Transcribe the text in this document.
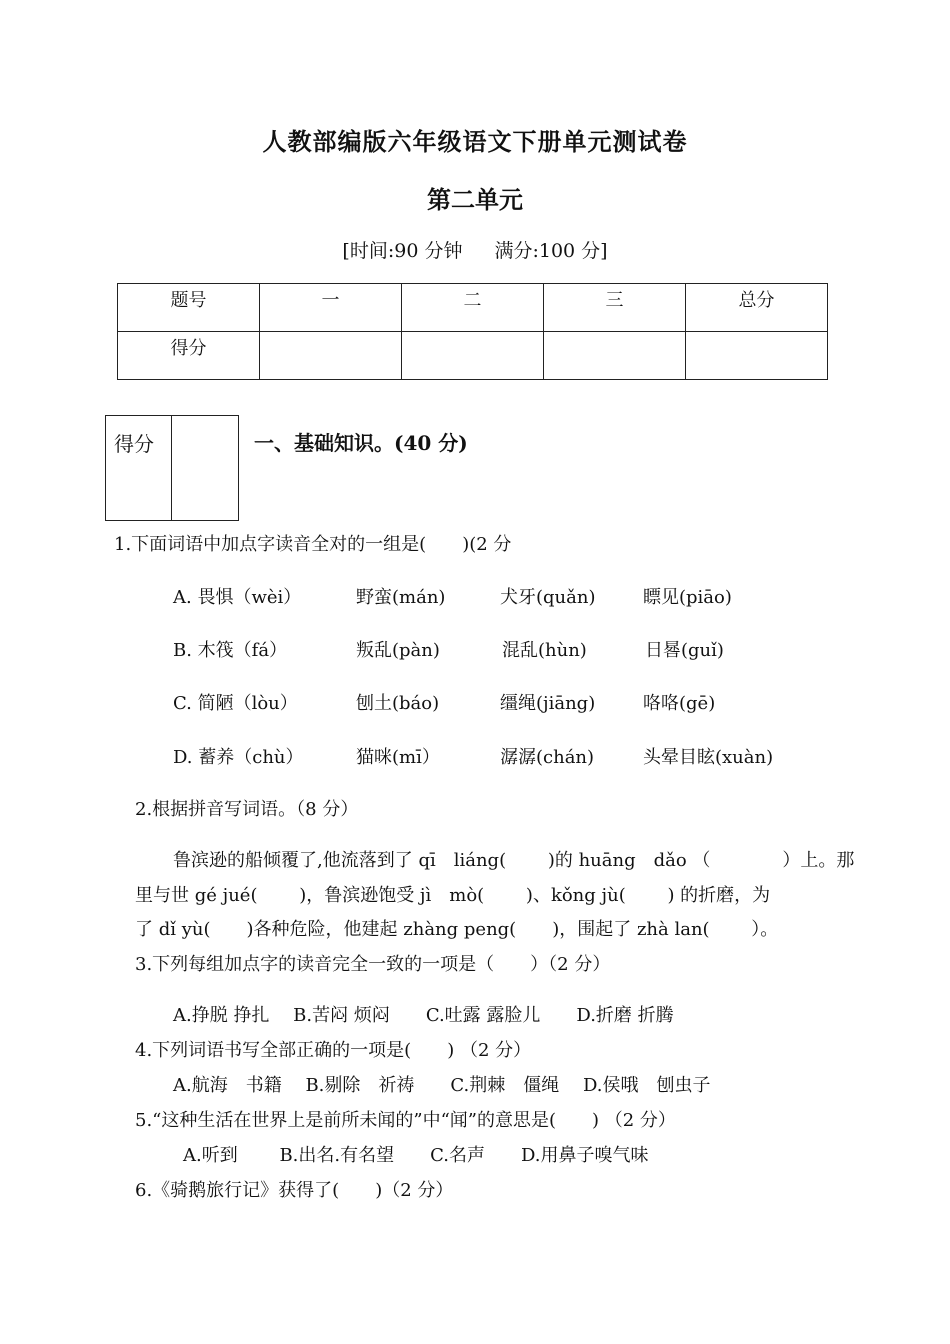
人教部编版六年级语文下册单元测试卷
第二单元
[时间:90 分钟 满分:100 分]
题号	一	二	三	总分
得分				
得分	一、基础知识。(40 分)
1.下面词语中加点字读音全对的一组是(　　)(2 分
A. 畏惧（wèi）	野蛮(mán)	犬牙(quǎn)	瞟见(piāo)
B. 木筏（fá）	叛乱(pàn)	混乱(hùn)	日晷(guǐ)
C. 简陋（lòu）	刨土(báo)	缰绳(jiāng)	咯咯(gē)
D. 蓄养（chù）	猫咪(mī）	潺潺(chán)	头晕目眩(xuàn)
2.根据拼音写词语。（8 分）
鲁滨逊的船倾覆了,他流落到了 qī　liáng(　　 )的 huāng　dǎo （　　　　）上。那
里与世 gé jué(　　 )，鲁滨逊饱受 jì　mò(　　 )、kǒng jù(　　 ) 的折磨，为
了 dǐ yù(　　)各种危险，他建起 zhàng peng(　　)，围起了 zhà lan(　　 ）。
3.下列每组加点字的读音完全一致的一项是（　　）（2 分）
A.挣脱 挣扎　 B.苦闷 烦闷　　C.吐露 露脸儿　　D.折磨 折腾
4.下列词语书写全部正确的一项是(　　) （2 分）
A.航海　书籍　 B.剔除　祈祷　　C.荆棘　僵绳　 D.侯哦　刨虫子
5.“这种生活在世界上是前所未闻的”中“闻”的意思是(　　) （2 分）
A.听到　　 B.出名.有名望　　C.名声　　D.用鼻子嗅气味
6.《骑鹅旅行记》获得了(　　)（2 分）
